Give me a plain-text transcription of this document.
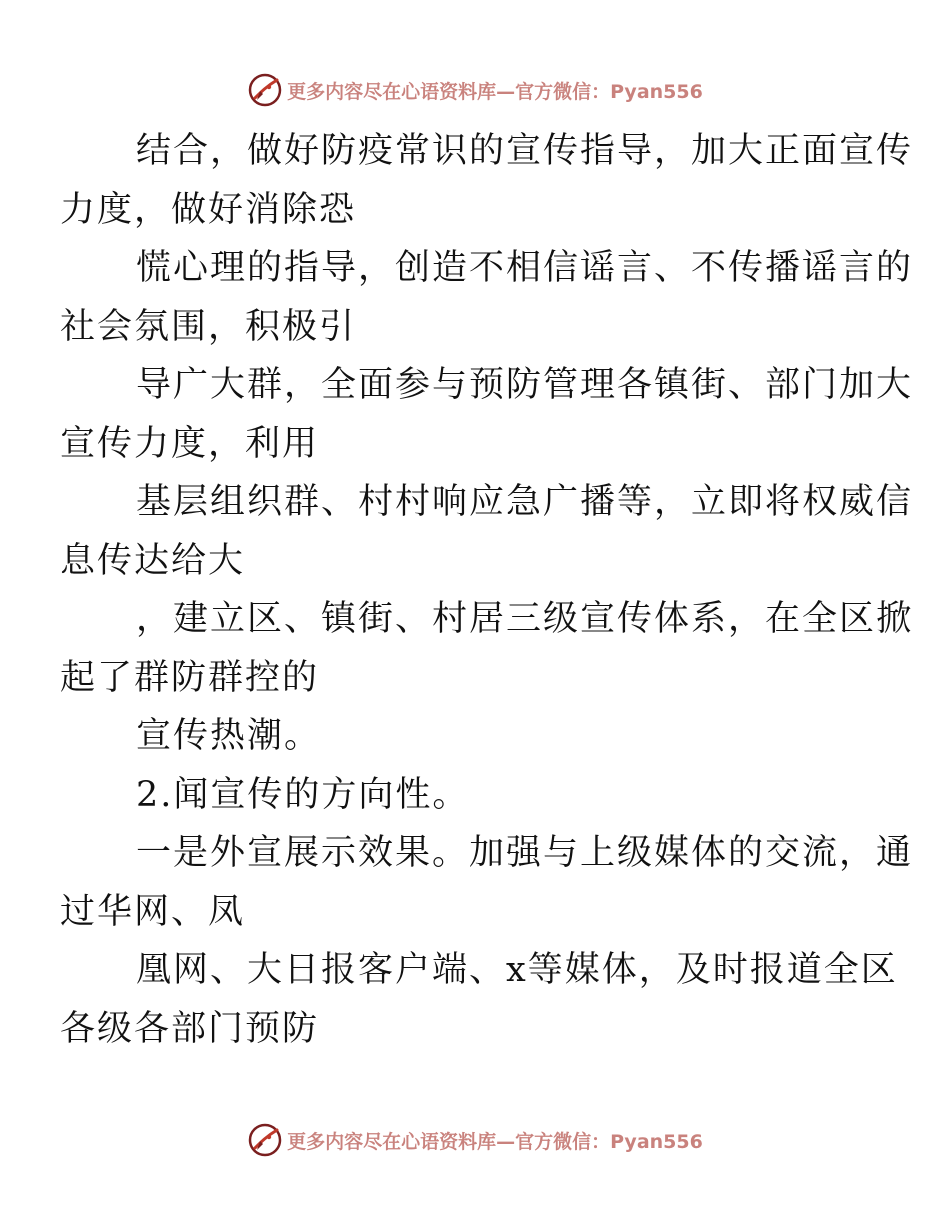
更多内容尽在心语资料库—官方微信：Pyan556

结合，做好防疫常识的宣传指导，加大正面宣传
力度，做好消除恐

慌心理的指导，创造不相信谣言、不传播谣言的
社会氛围，积极引

导广大群，全面参与预防管理各镇街、部门加大
宣传力度，利用

基层组织群、村村响应急广播等，立即将权威信
息传达给大

，建立区、镇街、村居三级宣传体系，在全区掀
起了群防群控的

宣传热潮。

2.闻宣传的方向性。

一是外宣展示效果。加强与上级媒体的交流，通
过华网、凤

凰网、大日报客户端、x等媒体，及时报道全区
各级各部门预防

更多内容尽在心语资料库—官方微信：Pyan556
